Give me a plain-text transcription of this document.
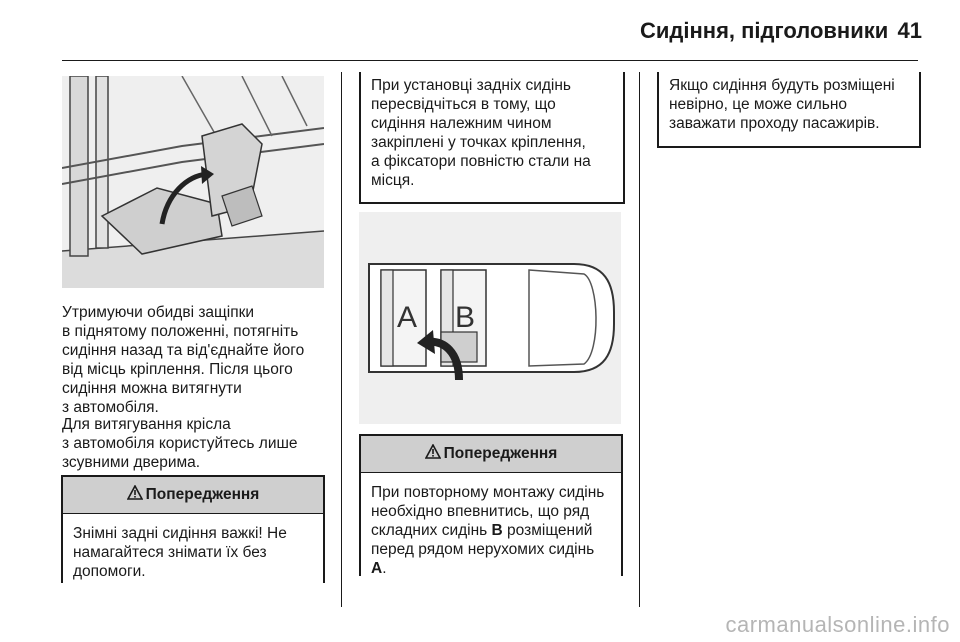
Сидіння, підголовники 41
Утримуючи обидві защіпки
в піднятому положенні, потягніть
сидіння назад та від'єднайте його
від місць кріплення. Після цього
сидіння можна витягнути
з автомобіля.
Для витягування крісла
з автомобіля користуйтесь лише
зсувними дверима.
Попередження
Знімні задні сидіння важкі! Не
намагайтеся знімати їх без
допомоги.
При установці задніх сидінь
пересвідчіться в тому, що
сидіння належним чином
закріплені у точках кріплення,
а фіксатори повністю стали на
місця.
A B
Попередження
При повторному монтажу сидінь
необхідно впевнитись, що ряд
складних сидінь B розміщений
перед рядом нерухомих сидінь
A.
Якщо сидіння будуть розміщені
невірно, це може сильно
заважати проходу пасажирів.
carmanualsonline.info
